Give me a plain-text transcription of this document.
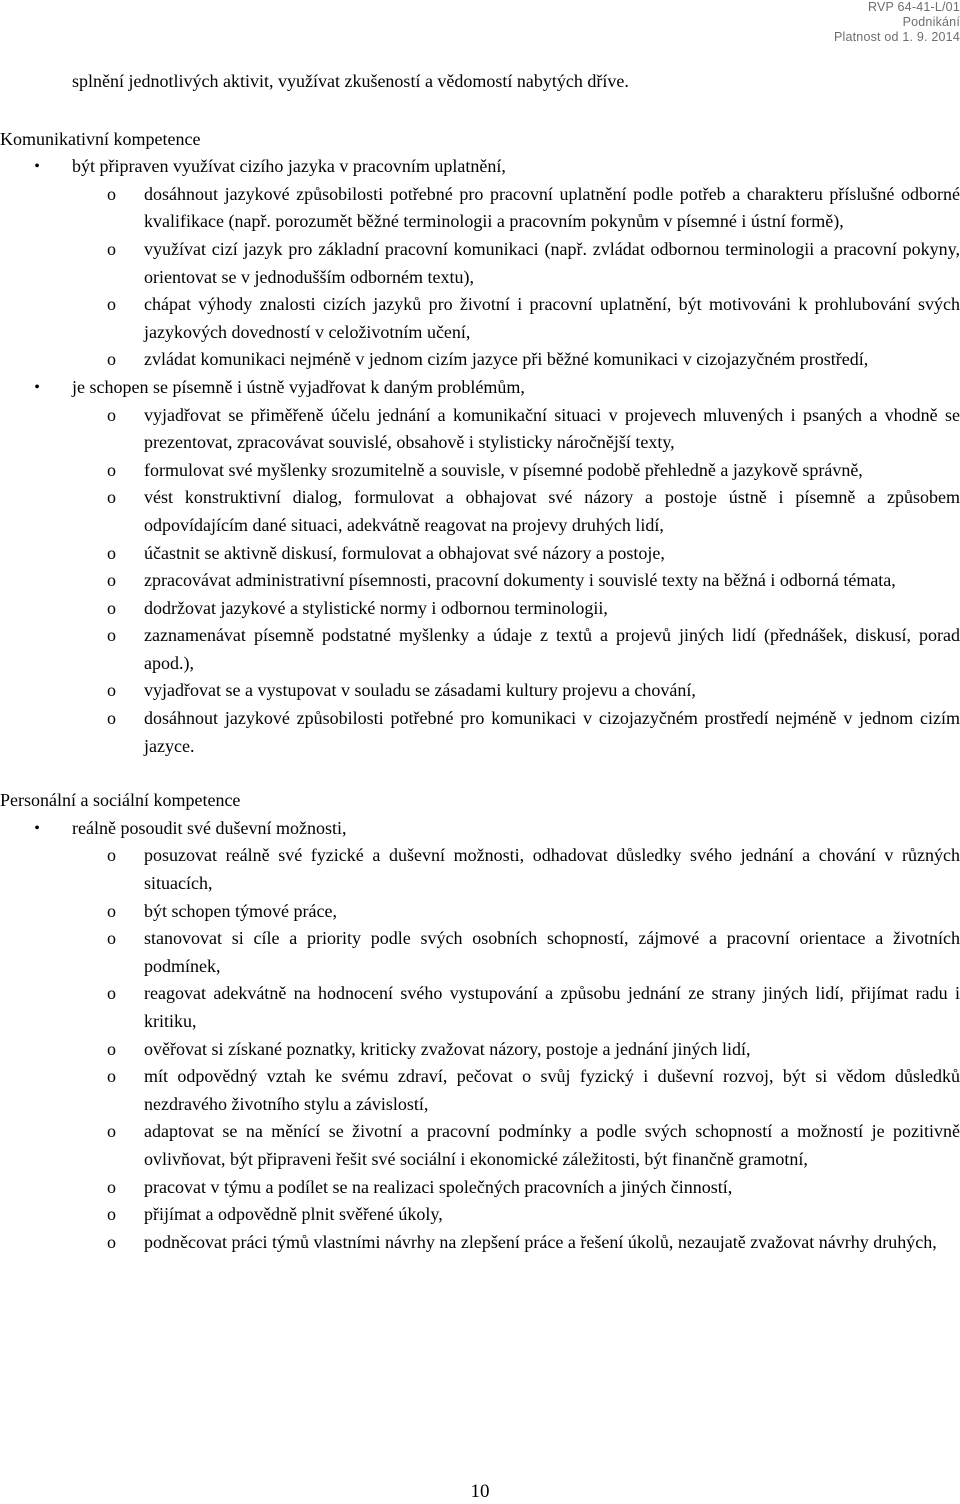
RVP 64-41-L/01
Podnikání
Platnost od 1. 9. 2014

splnění jednotlivých aktivit, využívat zkušeností a vědomostí nabytých dříve.

Komunikativní kompetence
• být připraven využívat cizího jazyka v pracovním uplatnění,
o dosáhnout jazykové způsobilosti potřebné pro pracovní uplatnění podle potřeb a charakteru příslušné odborné kvalifikace (např. porozumět běžné terminologii a pracovním pokynům v písemné i ústní formě),
o využívat cizí jazyk pro základní pracovní komunikaci (např. zvládat odbornou terminologii a pracovní pokyny, orientovat se v jednodušším odborném textu),
o chápat výhody znalosti cizích jazyků pro životní i pracovní uplatnění, být motivováni k prohlubování svých jazykových dovedností v celoživotním učení,
o zvládat komunikaci nejméně v jednom cizím jazyce při běžné komunikaci v cizojazyčném prostředí,
• je schopen se písemně i ústně vyjadřovat k daným problémům,
o vyjadřovat se přiměřeně účelu jednání a komunikační situaci v projevech mluvených i psaných a vhodně se prezentovat, zpracovávat souvislé, obsahově i stylisticky náročnější texty,
o formulovat své myšlenky srozumitelně a souvisle, v písemné podobě přehledně a jazykově správně,
o vést konstruktivní dialog, formulovat a obhajovat své názory a postoje ústně i písemně a způsobem odpovídajícím dané situaci, adekvátně reagovat na projevy druhých lidí,
o účastnit se aktivně diskusí, formulovat a obhajovat své názory a postoje,
o zpracovávat administrativní písemnosti, pracovní dokumenty i souvislé texty na běžná i odborná témata,
o dodržovat jazykové a stylistické normy i odbornou terminologii,
o zaznamenávat písemně podstatné myšlenky a údaje z textů a projevů jiných lidí (přednášek, diskusí, porad apod.),
o vyjadřovat se a vystupovat v souladu se zásadami kultury projevu a chování,
o dosáhnout jazykové způsobilosti potřebné pro komunikaci v cizojazyčném prostředí nejméně v jednom cizím jazyce.
Personální a sociální kompetence
• reálně posoudit své duševní možnosti,
o posuzovat reálně své fyzické a duševní možnosti, odhadovat důsledky svého jednání a chování v různých situacích,
o být schopen týmové práce,
o stanovovat si cíle a priority podle svých osobních schopností, zájmové a pracovní orientace a životních podmínek,
o reagovat adekvátně na hodnocení svého vystupování a způsobu jednání ze strany jiných lidí, přijímat radu i kritiku,
o ověřovat si získané poznatky, kriticky zvažovat názory, postoje a jednání jiných lidí,
o mít odpovědný vztah ke svému zdraví, pečovat o svůj fyzický i duševní rozvoj, být si vědom důsledků nezdravého životního stylu a závislostí,
o adaptovat se na měnící se životní a pracovní podmínky a podle svých schopností a možností je pozitivně ovlivňovat, být připraveni řešit své sociální i ekonomické záležitosti, být finančně gramotní,
o pracovat v týmu a podílet se na realizaci společných pracovních a jiných činností,
o přijímat a odpovědně plnit svěřené úkoly,
o podněcovat práci týmů vlastními návrhy na zlepšení práce a řešení úkolů, nezaujatě zvažovat návrhy druhých,
10
